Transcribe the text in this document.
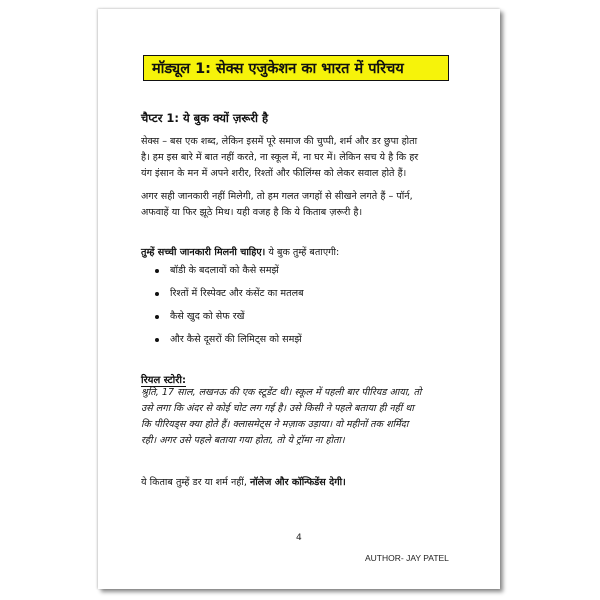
मॉड्यूल 1: सेक्स एजुकेशन का भारत में परिचय
चैप्टर 1: ये बुक क्यों ज़रूरी है
सेक्स – बस एक शब्द, लेकिन इसमें पूरे समाज की चुप्पी, शर्म और डर छुपा होता
है। हम इस बारे में बात नहीं करते, ना स्कूल में, ना घर में। लेकिन सच ये है कि हर
यंग इंसान के मन में अपने शरीर, रिश्तों और फीलिंग्स को लेकर सवाल होते हैं।
अगर सही जानकारी नहीं मिलेगी, तो हम गलत जगहों से सीखने लगते हैं – पॉर्न,
अफवाहें या फिर झूठे मिथ। यही वजह है कि ये किताब ज़रूरी है।
तुम्हें सच्ची जानकारी मिलनी चाहिए। ये बुक तुम्हें बताएगी:
बॉडी के बदलावों को कैसे समझें
रिश्तों में रिस्पेक्ट और कंसेंट का मतलब
कैसे खुद को सेफ रखें
और कैसे दूसरों की लिमिट्स को समझें
रियल स्टोरी:
श्रुति, 17 साल, लखनऊ की एक स्टूडेंट थी। स्कूल में पहली बार पीरियड आया, तो
उसे लगा कि अंदर से कोई चोट लग गई है। उसे किसी ने पहले बताया ही नहीं था
कि पीरियड्स क्या होते हैं। क्लासमेट्स ने मज़ाक उड़ाया। वो महीनों तक शर्मिंदा
रही। अगर उसे पहले बताया गया होता, तो ये ट्रॉमा ना होता।
ये किताब तुम्हें डर या शर्म नहीं, नॉलेज और कॉन्फिडेंस देगी।
4
AUTHOR- JAY PATEL
